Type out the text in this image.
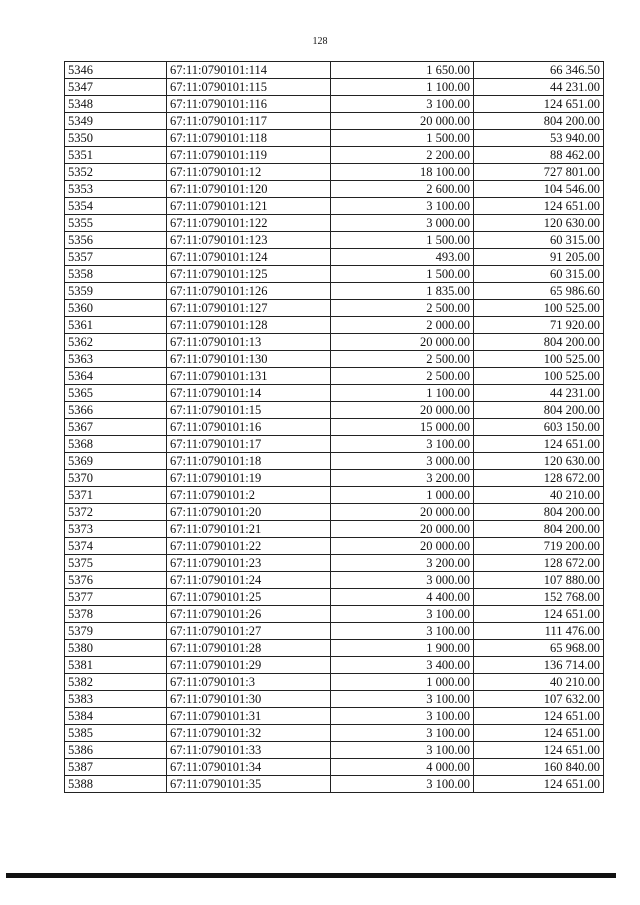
128
5346	67:11:0790101:114	1 650.00	66 346.50
5347	67:11:0790101:115	1 100.00	44 231.00
5348	67:11:0790101:116	3 100.00	124 651.00
5349	67:11:0790101:117	20 000.00	804 200.00
5350	67:11:0790101:118	1 500.00	53 940.00
5351	67:11:0790101:119	2 200.00	88 462.00
5352	67:11:0790101:12	18 100.00	727 801.00
5353	67:11:0790101:120	2 600.00	104 546.00
5354	67:11:0790101:121	3 100.00	124 651.00
5355	67:11:0790101:122	3 000.00	120 630.00
5356	67:11:0790101:123	1 500.00	60 315.00
5357	67:11:0790101:124	493.00	91 205.00
5358	67:11:0790101:125	1 500.00	60 315.00
5359	67:11:0790101:126	1 835.00	65 986.60
5360	67:11:0790101:127	2 500.00	100 525.00
5361	67:11:0790101:128	2 000.00	71 920.00
5362	67:11:0790101:13	20 000.00	804 200.00
5363	67:11:0790101:130	2 500.00	100 525.00
5364	67:11:0790101:131	2 500.00	100 525.00
5365	67:11:0790101:14	1 100.00	44 231.00
5366	67:11:0790101:15	20 000.00	804 200.00
5367	67:11:0790101:16	15 000.00	603 150.00
5368	67:11:0790101:17	3 100.00	124 651.00
5369	67:11:0790101:18	3 000.00	120 630.00
5370	67:11:0790101:19	3 200.00	128 672.00
5371	67:11:0790101:2	1 000.00	40 210.00
5372	67:11:0790101:20	20 000.00	804 200.00
5373	67:11:0790101:21	20 000.00	804 200.00
5374	67:11:0790101:22	20 000.00	719 200.00
5375	67:11:0790101:23	3 200.00	128 672.00
5376	67:11:0790101:24	3 000.00	107 880.00
5377	67:11:0790101:25	4 400.00	152 768.00
5378	67:11:0790101:26	3 100.00	124 651.00
5379	67:11:0790101:27	3 100.00	111 476.00
5380	67:11:0790101:28	1 900.00	65 968.00
5381	67:11:0790101:29	3 400.00	136 714.00
5382	67:11:0790101:3	1 000.00	40 210.00
5383	67:11:0790101:30	3 100.00	107 632.00
5384	67:11:0790101:31	3 100.00	124 651.00
5385	67:11:0790101:32	3 100.00	124 651.00
5386	67:11:0790101:33	3 100.00	124 651.00
5387	67:11:0790101:34	4 000.00	160 840.00
5388	67:11:0790101:35	3 100.00	124 651.00
